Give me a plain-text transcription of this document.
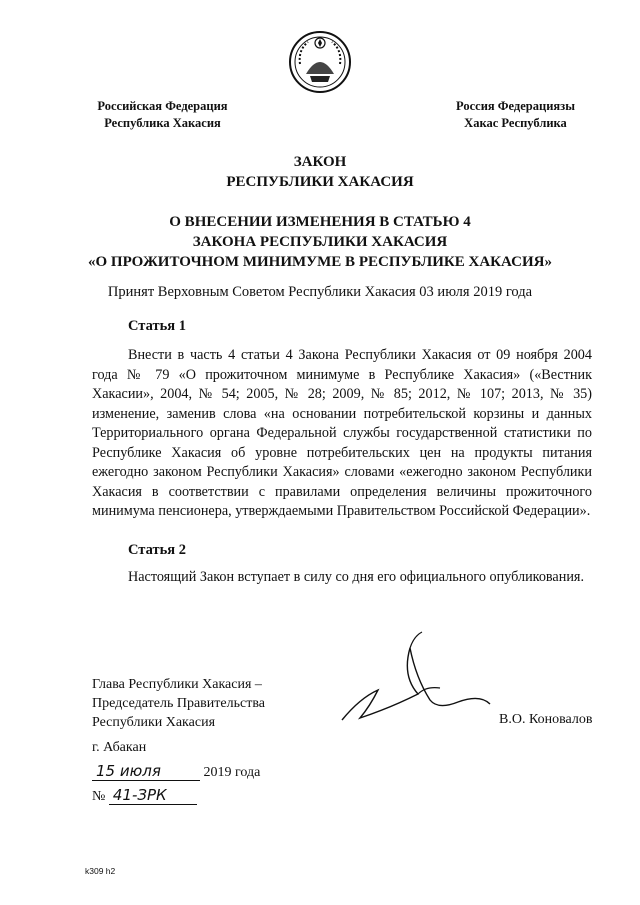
Российская Федерация
Республика Хакасия
Россия Федерациязы
Хакас Республика
ЗАКОН
РЕСПУБЛИКИ ХАКАСИЯ
О ВНЕСЕНИИ ИЗМЕНЕНИЯ В СТАТЬЮ 4
ЗАКОНА РЕСПУБЛИКИ ХАКАСИЯ
«О ПРОЖИТОЧНОМ МИНИМУМЕ В РЕСПУБЛИКЕ ХАКАСИЯ»
Принят Верховным Советом Республики Хакасия 03 июля 2019 года
Статья 1
Внести в часть 4 статьи 4 Закона Республики Хакасия от 09 ноября 2004 года № 79 «О прожиточном минимуме в Республике Хакасия» («Вестник Хакасии», 2004, № 54; 2005, № 28; 2009, № 85; 2012, № 107; 2013, № 35) изменение, заменив слова «на основании потребительской корзины и данных Территориального органа Федеральной службы государственной статистики по Республике Хакасия об уровне потребительских цен на продукты питания ежегодно законом Республики Хакасия» словами «ежегодно законом Республики Хакасия в соответствии с правилами определения величины прожиточного минимума пенсионера, утверждаемыми Правительством Российской Федерации».
Статья 2
Настоящий Закон вступает в силу со дня его официального опубликования.
Глава Республики Хакасия –
Председатель Правительства
Республики Хакасия	В.О. Коновалов
г. Абакан
15 июля	2019 года
№ 41-ЗРК
k309 h2
